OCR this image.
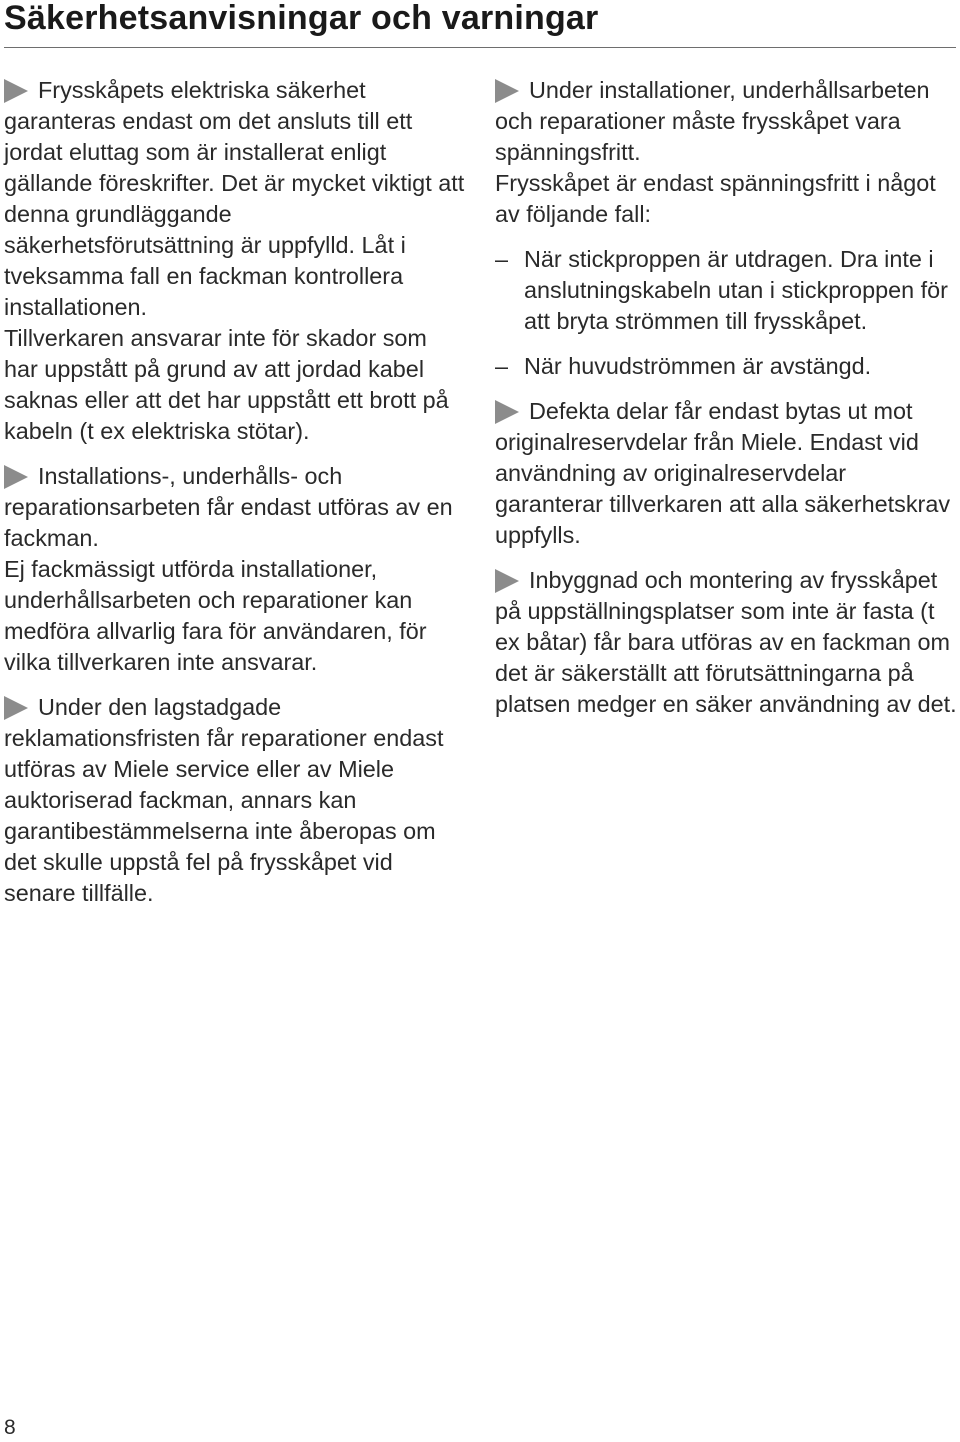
Säkerhetsanvisningar och varningar

Frysskåpets elektriska säkerhet garanteras endast om det ansluts till ett jordat eluttag som är installerat enligt gällande föreskrifter. Det är mycket viktigt att denna grundläggande säkerhetsförutsättning är uppfylld. Låt i tveksamma fall en fackman kontrollera installationen.

Tillverkaren ansvarar inte för skador som har uppstått på grund av att jordad kabel saknas eller att det har uppstått ett brott på kabeln (t ex elektriska stötar).

Installations-, underhålls- och reparationsarbeten får endast utföras av en fackman.

Ej fackmässigt utförda installationer, underhållsarbeten och reparationer kan medföra allvarlig fara för användaren, för vilka tillverkaren inte ansvarar.

Under den lagstadgade reklamationsfristen får reparationer endast utföras av Miele service eller av Miele auktoriserad fackman, annars kan garantibestämmelserna inte åberopas om det skulle uppstå fel på frysskåpet vid senare tillfälle.

Under installationer, underhållsarbeten och reparationer måste frysskåpet vara spänningsfritt.

Frysskåpet är endast spänningsfritt i något av följande fall:

– När stickproppen är utdragen. Dra inte i anslutningskabeln utan i stickproppen för att bryta strömmen till frysskåpet.
– När huvudströmmen är avstängd.

Defekta delar får endast bytas ut mot originalreservdelar från Miele. Endast vid användning av originalreservdelar garanterar tillverkaren att alla säkerhetskrav uppfylls.

Inbyggnad och montering av frysskåpet på uppställningsplatser som inte är fasta (t ex båtar) får bara utföras av en fackman om det är säkerställt att förutsättningarna på platsen medger en säker användning av det.

8
